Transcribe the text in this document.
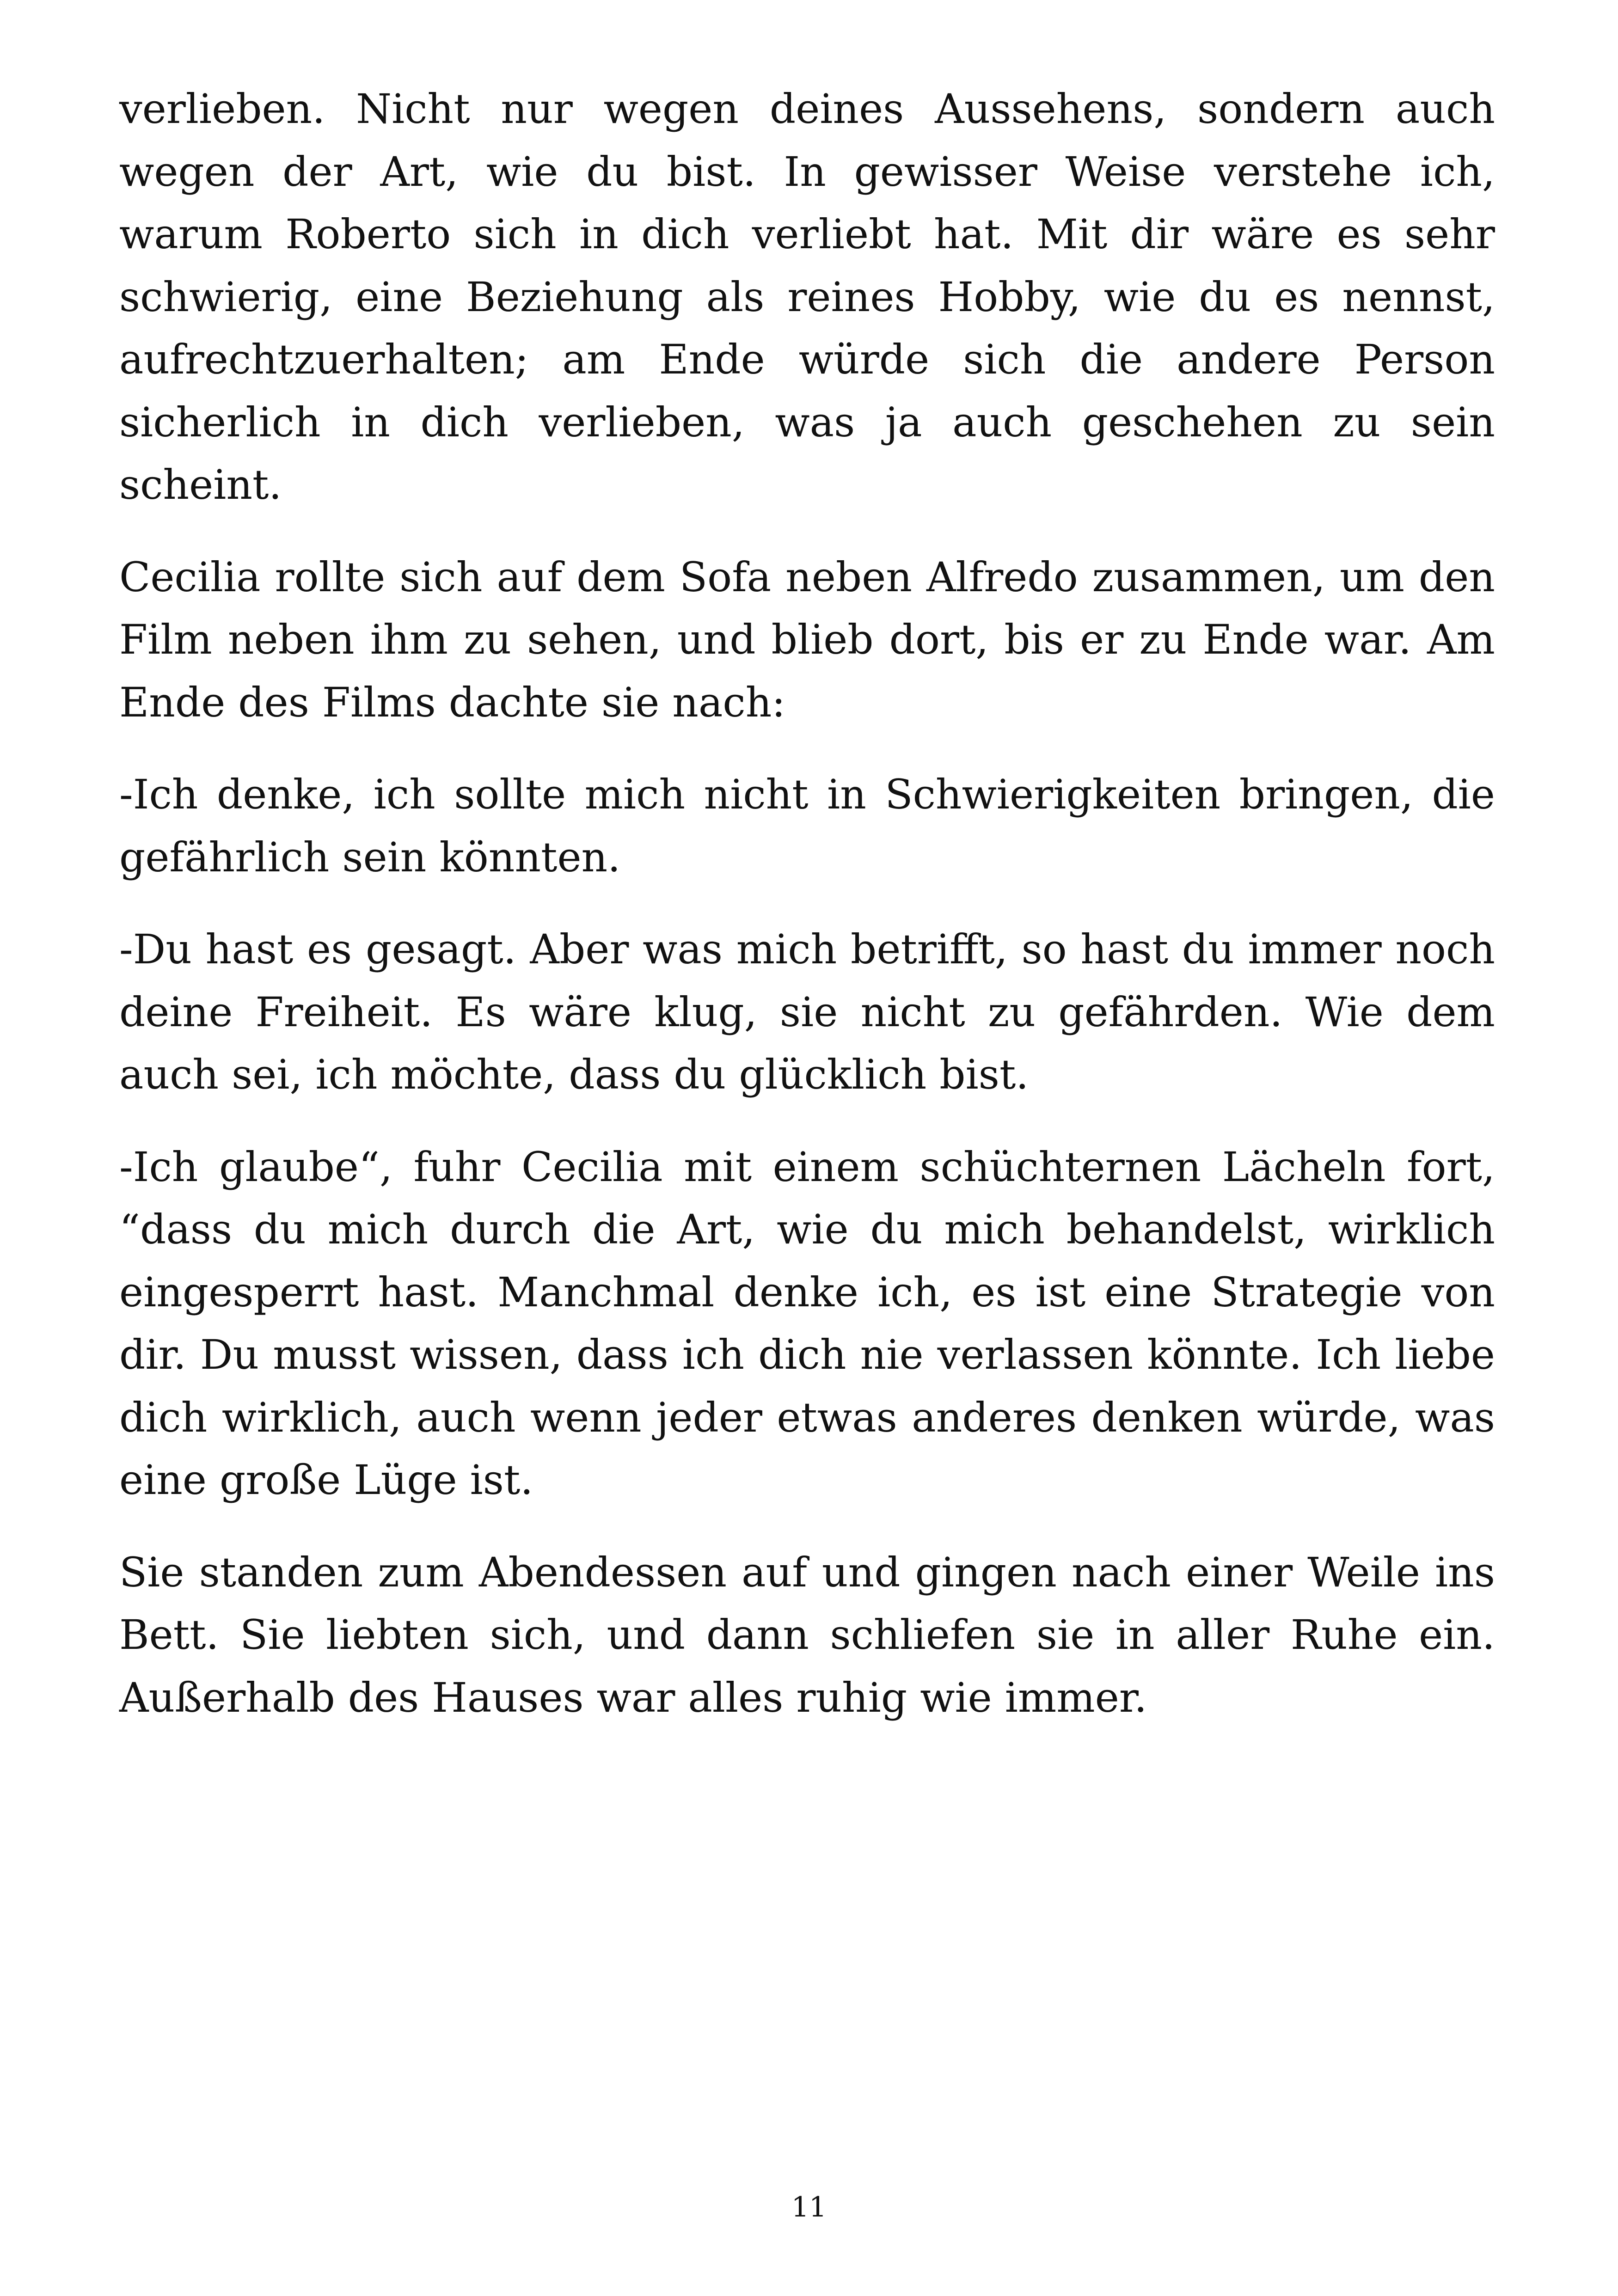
verlieben. Nicht nur wegen deines Aussehens, sondern auch wegen der Art, wie du bist. In gewisser Weise verstehe ich, warum Roberto sich in dich verliebt hat. Mit dir wäre es sehr schwierig, eine Beziehung als reines Hobby, wie du es nennst, aufrechtzuerhalten; am Ende würde sich die andere Person sicherlich in dich verlieben, was ja auch geschehen zu sein scheint.

Cecilia rollte sich auf dem Sofa neben Alfredo zusammen, um den Film neben ihm zu sehen, und blieb dort, bis er zu Ende war. Am Ende des Films dachte sie nach:

-Ich denke, ich sollte mich nicht in Schwierigkeiten bringen, die gefährlich sein könnten.

-Du hast es gesagt. Aber was mich betrifft, so hast du immer noch deine Freiheit. Es wäre klug, sie nicht zu gefährden. Wie dem auch sei, ich möchte, dass du glücklich bist.

-Ich glaube“, fuhr Cecilia mit einem schüchternen Lächeln fort, “dass du mich durch die Art, wie du mich behandelst, wirklich eingesperrt hast. Manchmal denke ich, es ist eine Strategie von dir. Du musst wissen, dass ich dich nie verlassen könnte. Ich liebe dich wirklich, auch wenn jeder etwas anderes denken würde, was eine große Lüge ist.

Sie standen zum Abendessen auf und gingen nach einer Weile ins Bett. Sie liebten sich, und dann schliefen sie in aller Ruhe ein. Außerhalb des Hauses war alles ruhig wie immer.

11
